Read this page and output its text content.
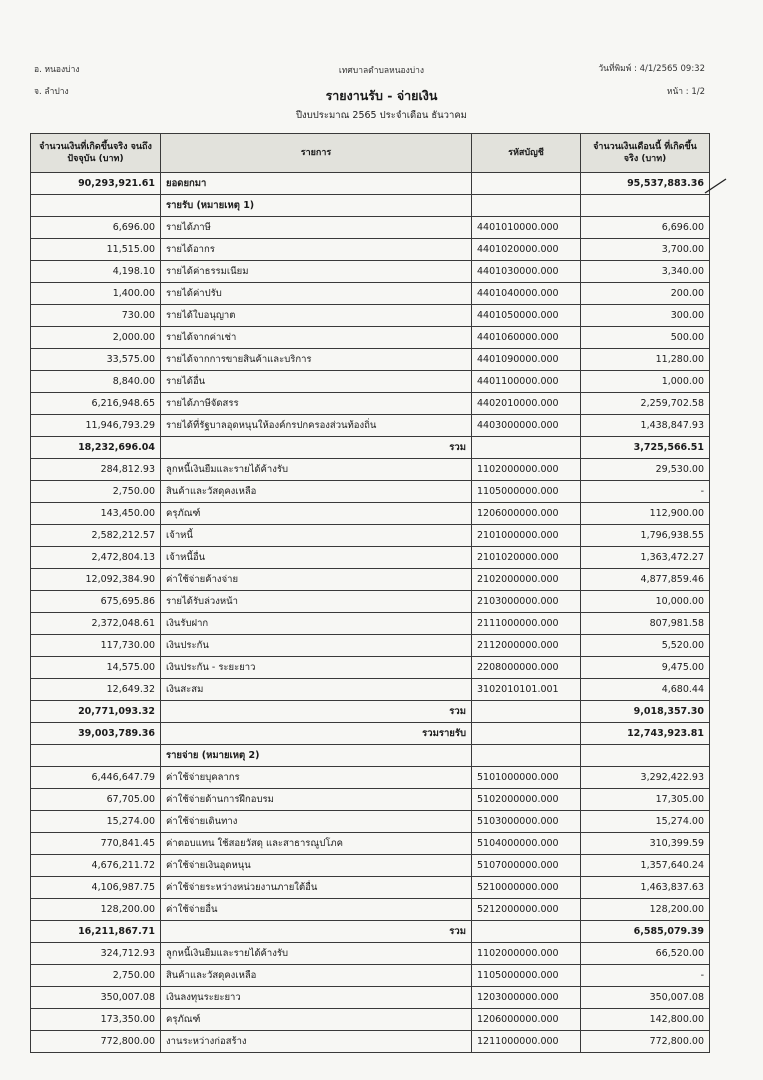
อ. หนองบ่าง
จ. ลำปาง
เทศบาลตำบลหนองบ่าง	วันที่พิมพ์ : 4/1/2565 09:32
หน้า : 1/2
รายงานรับ - จ่ายเงิน
ปีงบประมาณ 2565 ประจำเดือน ธันวาคม
จำนวนเงินที่เกิดขึ้นจริง จนถึงปัจจุบัน (บาท)	รายการ	รหัสบัญชี	จำนวนเงินเดือนนี้ ที่เกิดขึ้นจริง (บาท)
90,293,921.61	ยอดยกมา		95,537,883.36
	รายรับ (หมายเหตุ 1)		
6,696.00	รายได้ภาษี	4401010000.000	6,696.00
11,515.00	รายได้อากร	4401020000.000	3,700.00
4,198.10	รายได้ค่าธรรมเนียม	4401030000.000	3,340.00
1,400.00	รายได้ค่าปรับ	4401040000.000	200.00
730.00	รายได้ใบอนุญาต	4401050000.000	300.00
2,000.00	รายได้จากค่าเช่า	4401060000.000	500.00
33,575.00	รายได้จากการขายสินค้าและบริการ	4401090000.000	11,280.00
8,840.00	รายได้อื่น	4401100000.000	1,000.00
6,216,948.65	รายได้ภาษีจัดสรร	4402010000.000	2,259,702.58
11,946,793.29	รายได้ที่รัฐบาลอุดหนุนให้องค์กรปกครองส่วนท้องถิ่น	4403000000.000	1,438,847.93
18,232,696.04	รวม		3,725,566.51
284,812.93	ลูกหนี้เงินยืมและรายได้ค้างรับ	1102000000.000	29,530.00
2,750.00	สินค้าและวัสดุคงเหลือ	1105000000.000	-
143,450.00	ครุภัณฑ์	1206000000.000	112,900.00
2,582,212.57	เจ้าหนี้	2101000000.000	1,796,938.55
2,472,804.13	เจ้าหนี้อื่น	2101020000.000	1,363,472.27
12,092,384.90	ค่าใช้จ่ายค้างจ่าย	2102000000.000	4,877,859.46
675,695.86	รายได้รับล่วงหน้า	2103000000.000	10,000.00
2,372,048.61	เงินรับฝาก	2111000000.000	807,981.58
117,730.00	เงินประกัน	2112000000.000	5,520.00
14,575.00	เงินประกัน - ระยะยาว	2208000000.000	9,475.00
12,649.32	เงินสะสม	3102010101.001	4,680.44
20,771,093.32	รวม		9,018,357.30
39,003,789.36	รวมรายรับ		12,743,923.81
	รายจ่าย (หมายเหตุ 2)		
6,446,647.79	ค่าใช้จ่ายบุคลากร	5101000000.000	3,292,422.93
67,705.00	ค่าใช้จ่ายด้านการฝึกอบรม	5102000000.000	17,305.00
15,274.00	ค่าใช้จ่ายเดินทาง	5103000000.000	15,274.00
770,841.45	ค่าตอบแทน ใช้สอยวัสดุ และสาธารณูปโภค	5104000000.000	310,399.59
4,676,211.72	ค่าใช้จ่ายเงินอุดหนุน	5107000000.000	1,357,640.24
4,106,987.75	ค่าใช้จ่ายระหว่างหน่วยงานภายใต้อื่น	5210000000.000	1,463,837.63
128,200.00	ค่าใช้จ่ายอื่น	5212000000.000	128,200.00
16,211,867.71	รวม		6,585,079.39
324,712.93	ลูกหนี้เงินยืมและรายได้ค้างรับ	1102000000.000	66,520.00
2,750.00	สินค้าและวัสดุคงเหลือ	1105000000.000	-
350,007.08	เงินลงทุนระยะยาว	1203000000.000	350,007.08
173,350.00	ครุภัณฑ์	1206000000.000	142,800.00
772,800.00	งานระหว่างก่อสร้าง	1211000000.000	772,800.00
